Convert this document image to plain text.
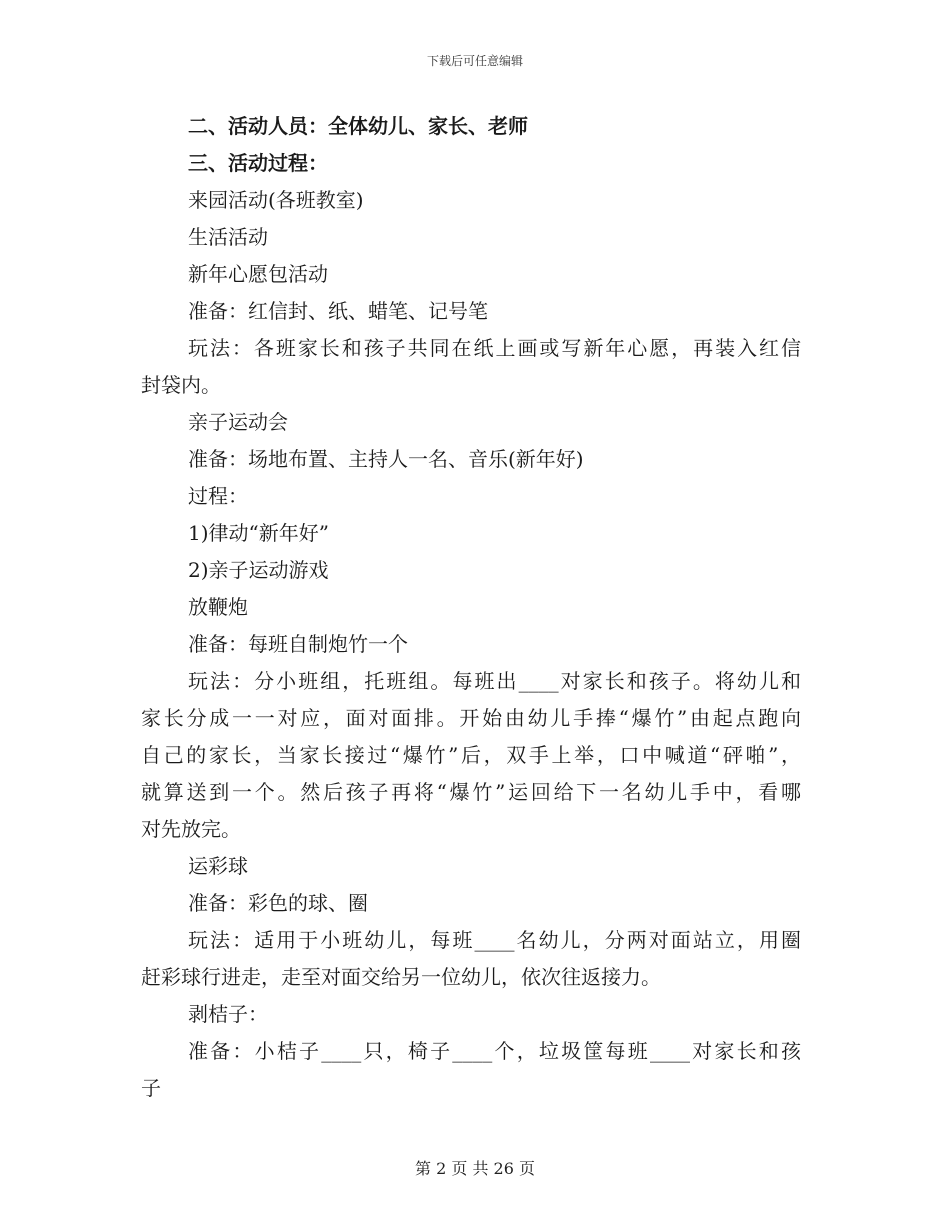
下载后可任意编辑
二、活动人员：全体幼儿、家长、老师
三、活动过程：
来园活动(各班教室)
生活活动
新年心愿包活动
准备：红信封、纸、蜡笔、记号笔
玩法：各班家长和孩子共同在纸上画或写新年心愿，再装入红信
封袋内。
亲子运动会
准备：场地布置、主持人一名、音乐(新年好)
过程：
1)律动“新年好”
2)亲子运动游戏
放鞭炮
准备：每班自制炮竹一个
玩法：分小班组，托班组。每班出____对家长和孩子。将幼儿和
家长分成一一对应，面对面排。开始由幼儿手捧“爆竹”由起点跑向
自己的家长，当家长接过“爆竹”后，双手上举，口中喊道“砰啪”，
就算送到一个。然后孩子再将“爆竹”运回给下一名幼儿手中，看哪
对先放完。
运彩球
准备：彩色的球、圈
玩法：适用于小班幼儿，每班____名幼儿，分两对面站立，用圈
赶彩球行进走，走至对面交给另一位幼儿，依次往返接力。
剥桔子：
准备：小桔子____只，椅子____个，垃圾筐每班____对家长和孩
子
第 2 页 共 26 页
